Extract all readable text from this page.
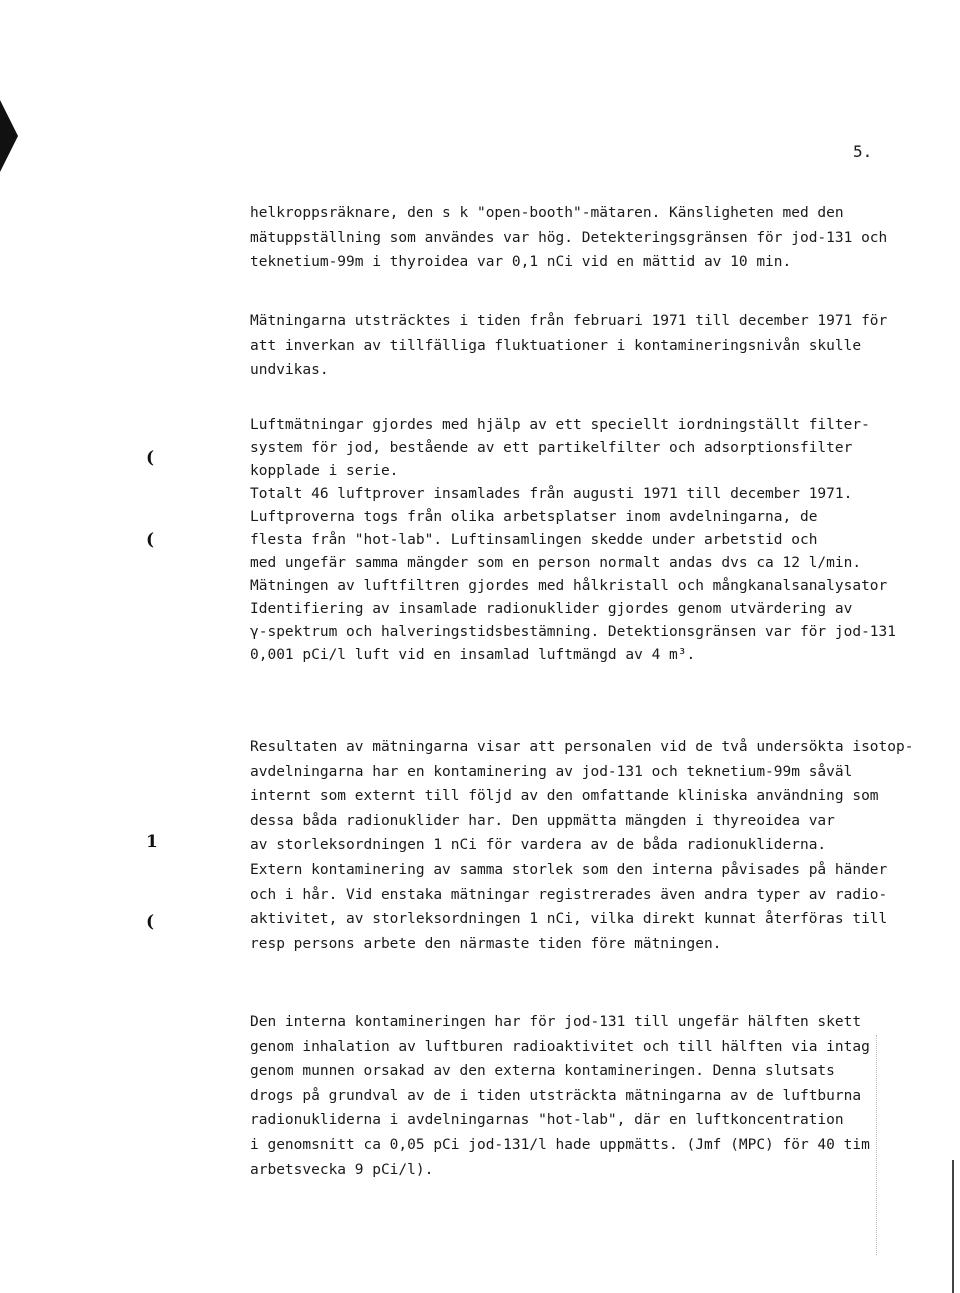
5.
helkroppsräknare, den s k "open-booth"-mätaren. Känsligheten med den
mätuppställning som användes var hög. Detekteringsgränsen för jod-131 och
teknetium-99m i thyroidea var 0,1 nCi vid en mättid av 10 min.
Mätningarna utsträcktes i tiden från februari 1971 till december 1971 för
att inverkan av tillfälliga fluktuationer i kontamineringsnivån skulle
undvikas.
Luftmätningar gjordes med hjälp av ett speciellt iordningställt filter-
system för jod, bestående av ett partikelfilter och adsorptionsfilter
kopplade i serie.
Totalt 46 luftprover insamlades från augusti 1971 till december 1971.
Luftproverna togs från olika arbetsplatser inom avdelningarna, de
flesta från "hot-lab". Luftinsamlingen skedde under arbetstid och
med ungefär samma mängder som en person normalt andas dvs ca 12 l/min.
Mätningen av luftfiltren gjordes med hålkristall och mångkanalsanalysator
Identifiering av insamlade radionuklider gjordes genom utvärdering av
γ-spektrum och halveringstidsbestämning. Detektionsgränsen var för jod-131
0,001 pCi/l luft vid en insamlad luftmängd av 4 m³.
Resultaten av mätningarna visar att personalen vid de två undersökta isotop-
avdelningarna har en kontaminering av jod-131 och teknetium-99m såväl
internt som externt till följd av den omfattande kliniska användning som
dessa båda radionuklider har. Den uppmätta mängden i thyreoidea var
av storleksordningen 1 nCi för vardera av de båda radionukliderna.
Extern kontaminering av samma storlek som den interna påvisades på händer
och i hår. Vid enstaka mätningar registrerades även andra typer av radio-
aktivitet, av storleksordningen 1 nCi, vilka direkt kunnat återföras till
resp persons arbete den närmaste tiden före mätningen.
Den interna kontamineringen har för jod-131 till ungefär hälften skett
genom inhalation av luftburen radioaktivitet och till hälften via intag
genom munnen orsakad av den externa kontamineringen. Denna slutsats
drogs på grundval av de i tiden utsträckta mätningarna av de luftburna
radionukliderna i avdelningarnas "hot-lab", där en luftkoncentration
i genomsnitt ca 0,05 pCi jod-131/l hade uppmätts. (Jmf (MPC) för 40 tim
arbetsvecka 9 pCi/l).
(
(
1
(
